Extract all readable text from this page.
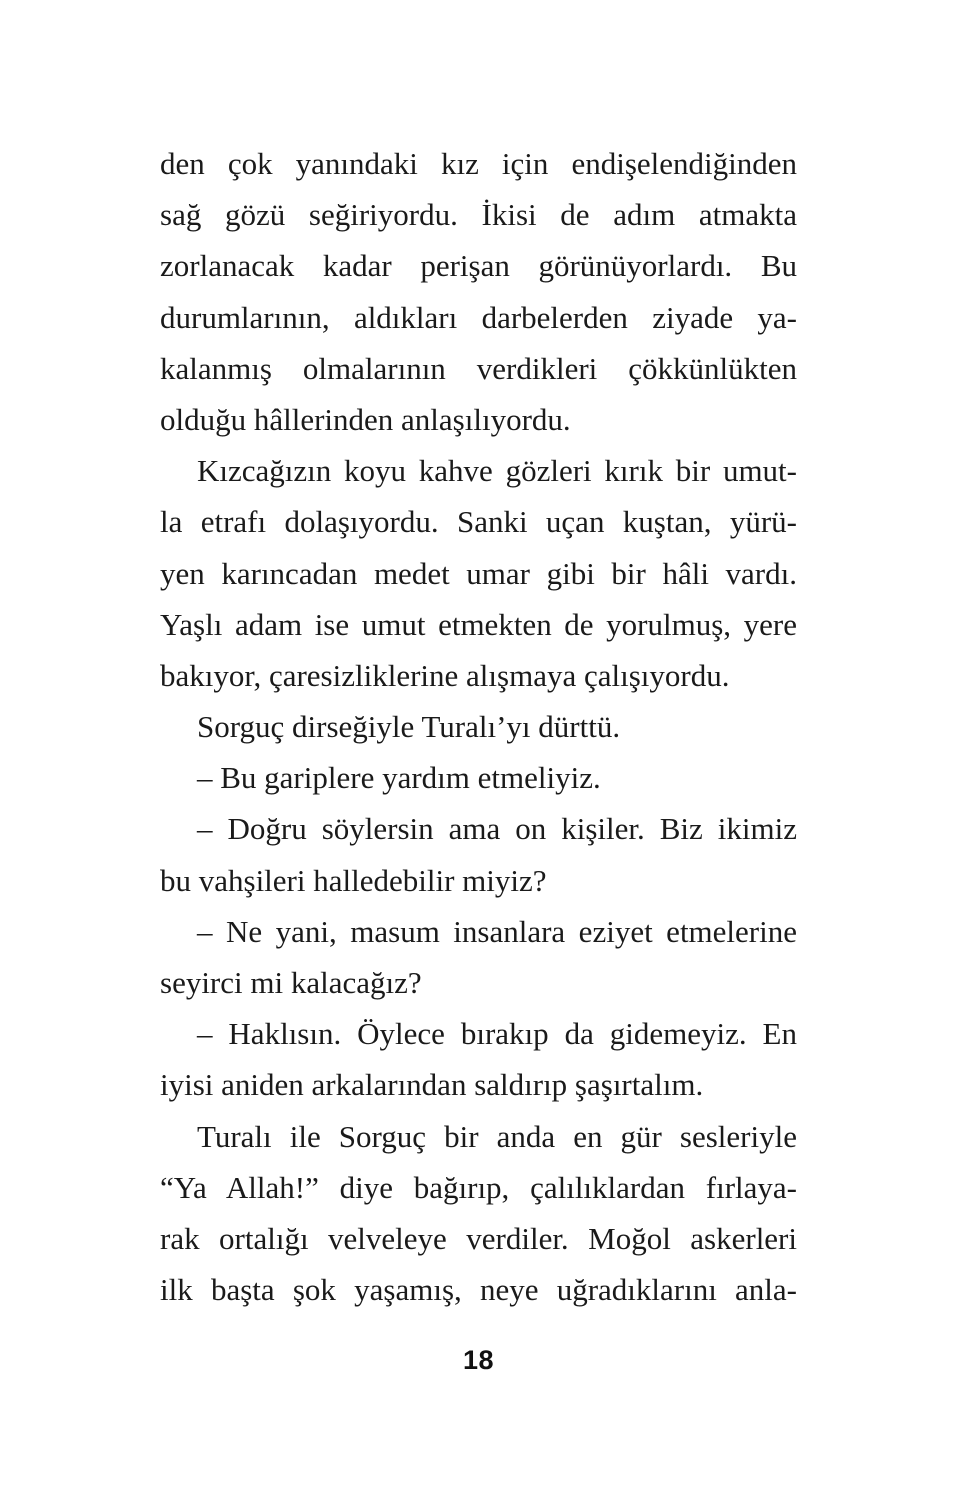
den çok yanındaki kız için endişelendiğinden
sağ gözü seğiriyordu. İkisi de adım atmakta
zorlanacak kadar perişan görünüyorlardı. Bu
durumlarının, aldıkları darbelerden ziyade ya-
kalanmış olmalarının verdikleri çökkünlükten
olduğu hâllerinden anlaşılıyordu.
Kızcağızın koyu kahve gözleri kırık bir umut-
la etrafı dolaşıyordu. Sanki uçan kuştan, yürü-
yen karıncadan medet umar gibi bir hâli vardı.
Yaşlı adam ise umut etmekten de yorulmuş, yere
bakıyor, çaresizliklerine alışmaya çalışıyordu.
Sorguç dirseğiyle Turalı’yı dürttü.
– Bu gariplere yardım etmeliyiz.
– Doğru söylersin ama on kişiler. Biz ikimiz
bu vahşileri halledebilir miyiz?
– Ne yani, masum insanlara eziyet etmelerine
seyirci mi kalacağız?
– Haklısın. Öylece bırakıp da gidemeyiz. En
iyisi aniden arkalarından saldırıp şaşırtalım.
Turalı ile Sorguç bir anda en gür sesleriyle
“Ya Allah!” diye bağırıp, çalılıklardan fırlaya-
rak ortalığı velveleye verdiler. Moğol askerleri
ilk başta şok yaşamış, neye uğradıklarını anla-
18
